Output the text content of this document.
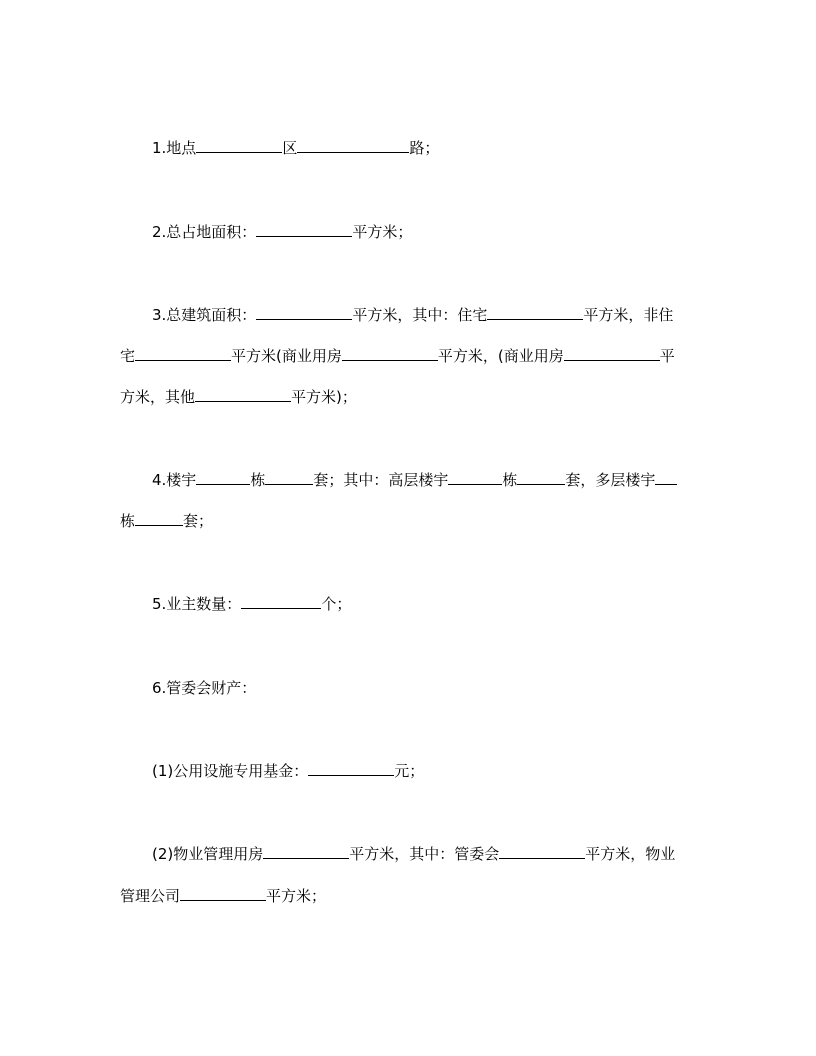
1.地点	区	路；
2.总占地面积：	平方米；
3.总建筑面积：	平方米，其中：住宅	平方米，非住
宅	平方米(商业用房	平方米，(商业用房	平
方米，其他	平方米)；
4.楼宇	栋	套；其中：高层楼宇	栋	套，多层楼宇
栋	套；
5.业主数量：	个；
6.管委会财产：
(1)公用设施专用基金：	元；
(2)物业管理用房	平方米，其中：管委会	平方米，物业
管理公司	平方米；
